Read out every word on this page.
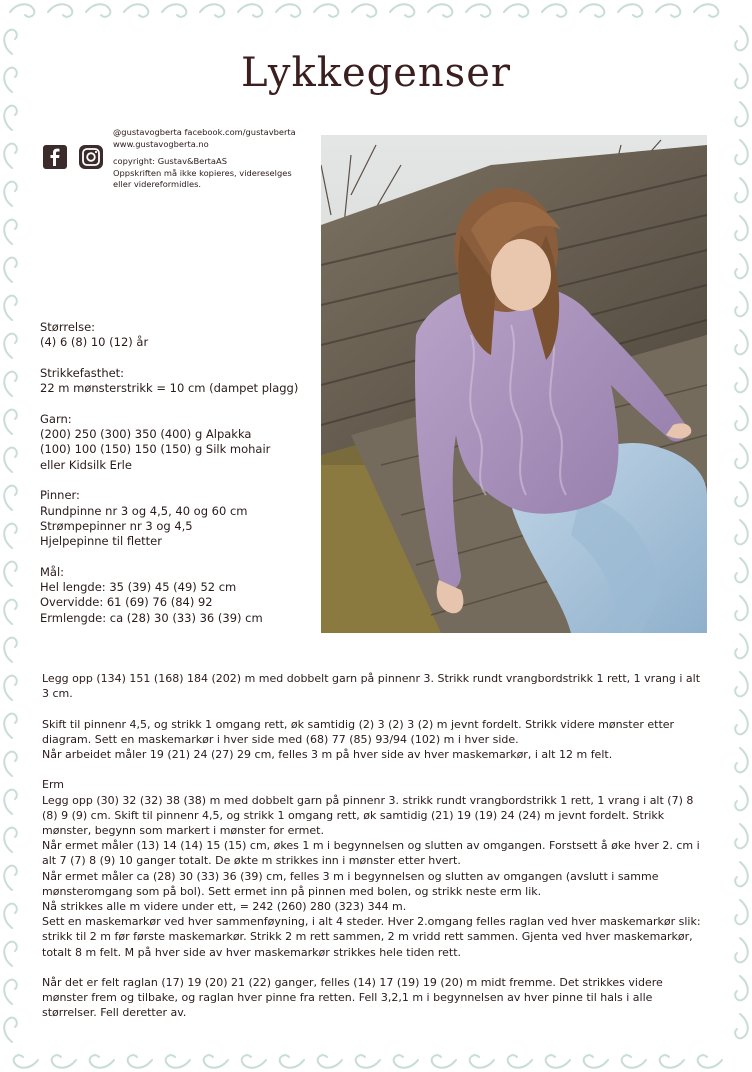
Lykkegenser
@gustavogberta facebook.com/gustavberta
www.gustavogberta.no
copyright: Gustav&BertaAS
Oppskriften må ikke kopieres, videreselges
eller videreformidles.
Størrelse:
(4) 6 (8) 10 (12) år
Strikkefasthet:
22 m mønsterstrikk = 10 cm (dampet plagg)
Garn:
(200) 250 (300) 350 (400) g Alpakka
(100) 100 (150) 150 (150) g Silk mohair
eller Kidsilk Erle
Pinner:
Rundpinne nr 3 og 4,5, 40 og 60 cm
Strømpepinner nr 3 og 4,5
Hjelpepinne til fletter
Mål:
Hel lengde: 35 (39) 45 (49) 52 cm
Overvidde: 61 (69) 76 (84) 92
Ermlengde: ca (28) 30 (33) 36 (39) cm

Legg opp (134) 151 (168) 184 (202) m med dobbelt garn på pinnenr 3. Strikk rundt vrangbordstrikk 1 rett, 1 vrang i alt 3 cm.

Skift til pinnenr 4,5, og strikk 1 omgang rett, øk samtidig (2) 3 (2) 3 (2) m jevnt fordelt. Strikk videre mønster etter diagram. Sett en maskemarkør i hver side med (68) 77 (85) 93/94 (102) m i hver side.

Når arbeidet måler 19 (21) 24 (27) 29 cm, felles 3 m på hver side av hver maskemarkør, i alt 12 m felt.

Erm

Legg opp (30) 32 (32) 38 (38) m med dobbelt garn på pinnenr 3. strikk rundt vrangbordstrikk 1 rett, 1 vrang i alt (7) 8 (8) 9 (9) cm. Skift til pinnenr 4,5, og strikk 1 omgang rett, øk samtidig (21) 19 (19) 24 (24) m jevnt fordelt. Strikk mønster, begynn som markert i mønster for ermet.

Når ermet måler (13) 14 (14) 15 (15) cm, økes 1 m i begynnelsen og slutten av omgangen. Forstsett å øke hver 2. cm i alt 7 (7) 8 (9) 10 ganger totalt. De økte m strikkes inn i mønster etter hvert.

Når ermet måler ca (28) 30 (33) 36 (39) cm, felles 3 m i begynnelsen og slutten av omgangen (avslutt i samme mønsteromgang som på bol). Sett ermet inn på pinnen med bolen, og strikk neste erm lik.

Nå strikkes alle m videre under ett, = 242 (260) 280 (323) 344 m.

Sett en maskemarkør ved hver sammenføyning, i alt 4 steder. Hver 2.omgang felles raglan ved hver maskemarkør slik: strikk til 2 m før første maskemarkør. Strikk 2 m rett sammen, 2 m vridd rett sammen. Gjenta ved hver maskemarkør, totalt 8 m felt. M på hver side av hver maskemarkør strikkes hele tiden rett.

Når det er felt raglan (17) 19 (20) 21 (22) ganger, felles (14) 17 (19) 19 (20) m midt fremme. Det strikkes videre mønster frem og tilbake, og raglan hver pinne fra retten. Fell 3,2,1 m i begynnelsen av hver pinne til hals i alle størrelser. Fell deretter av.
